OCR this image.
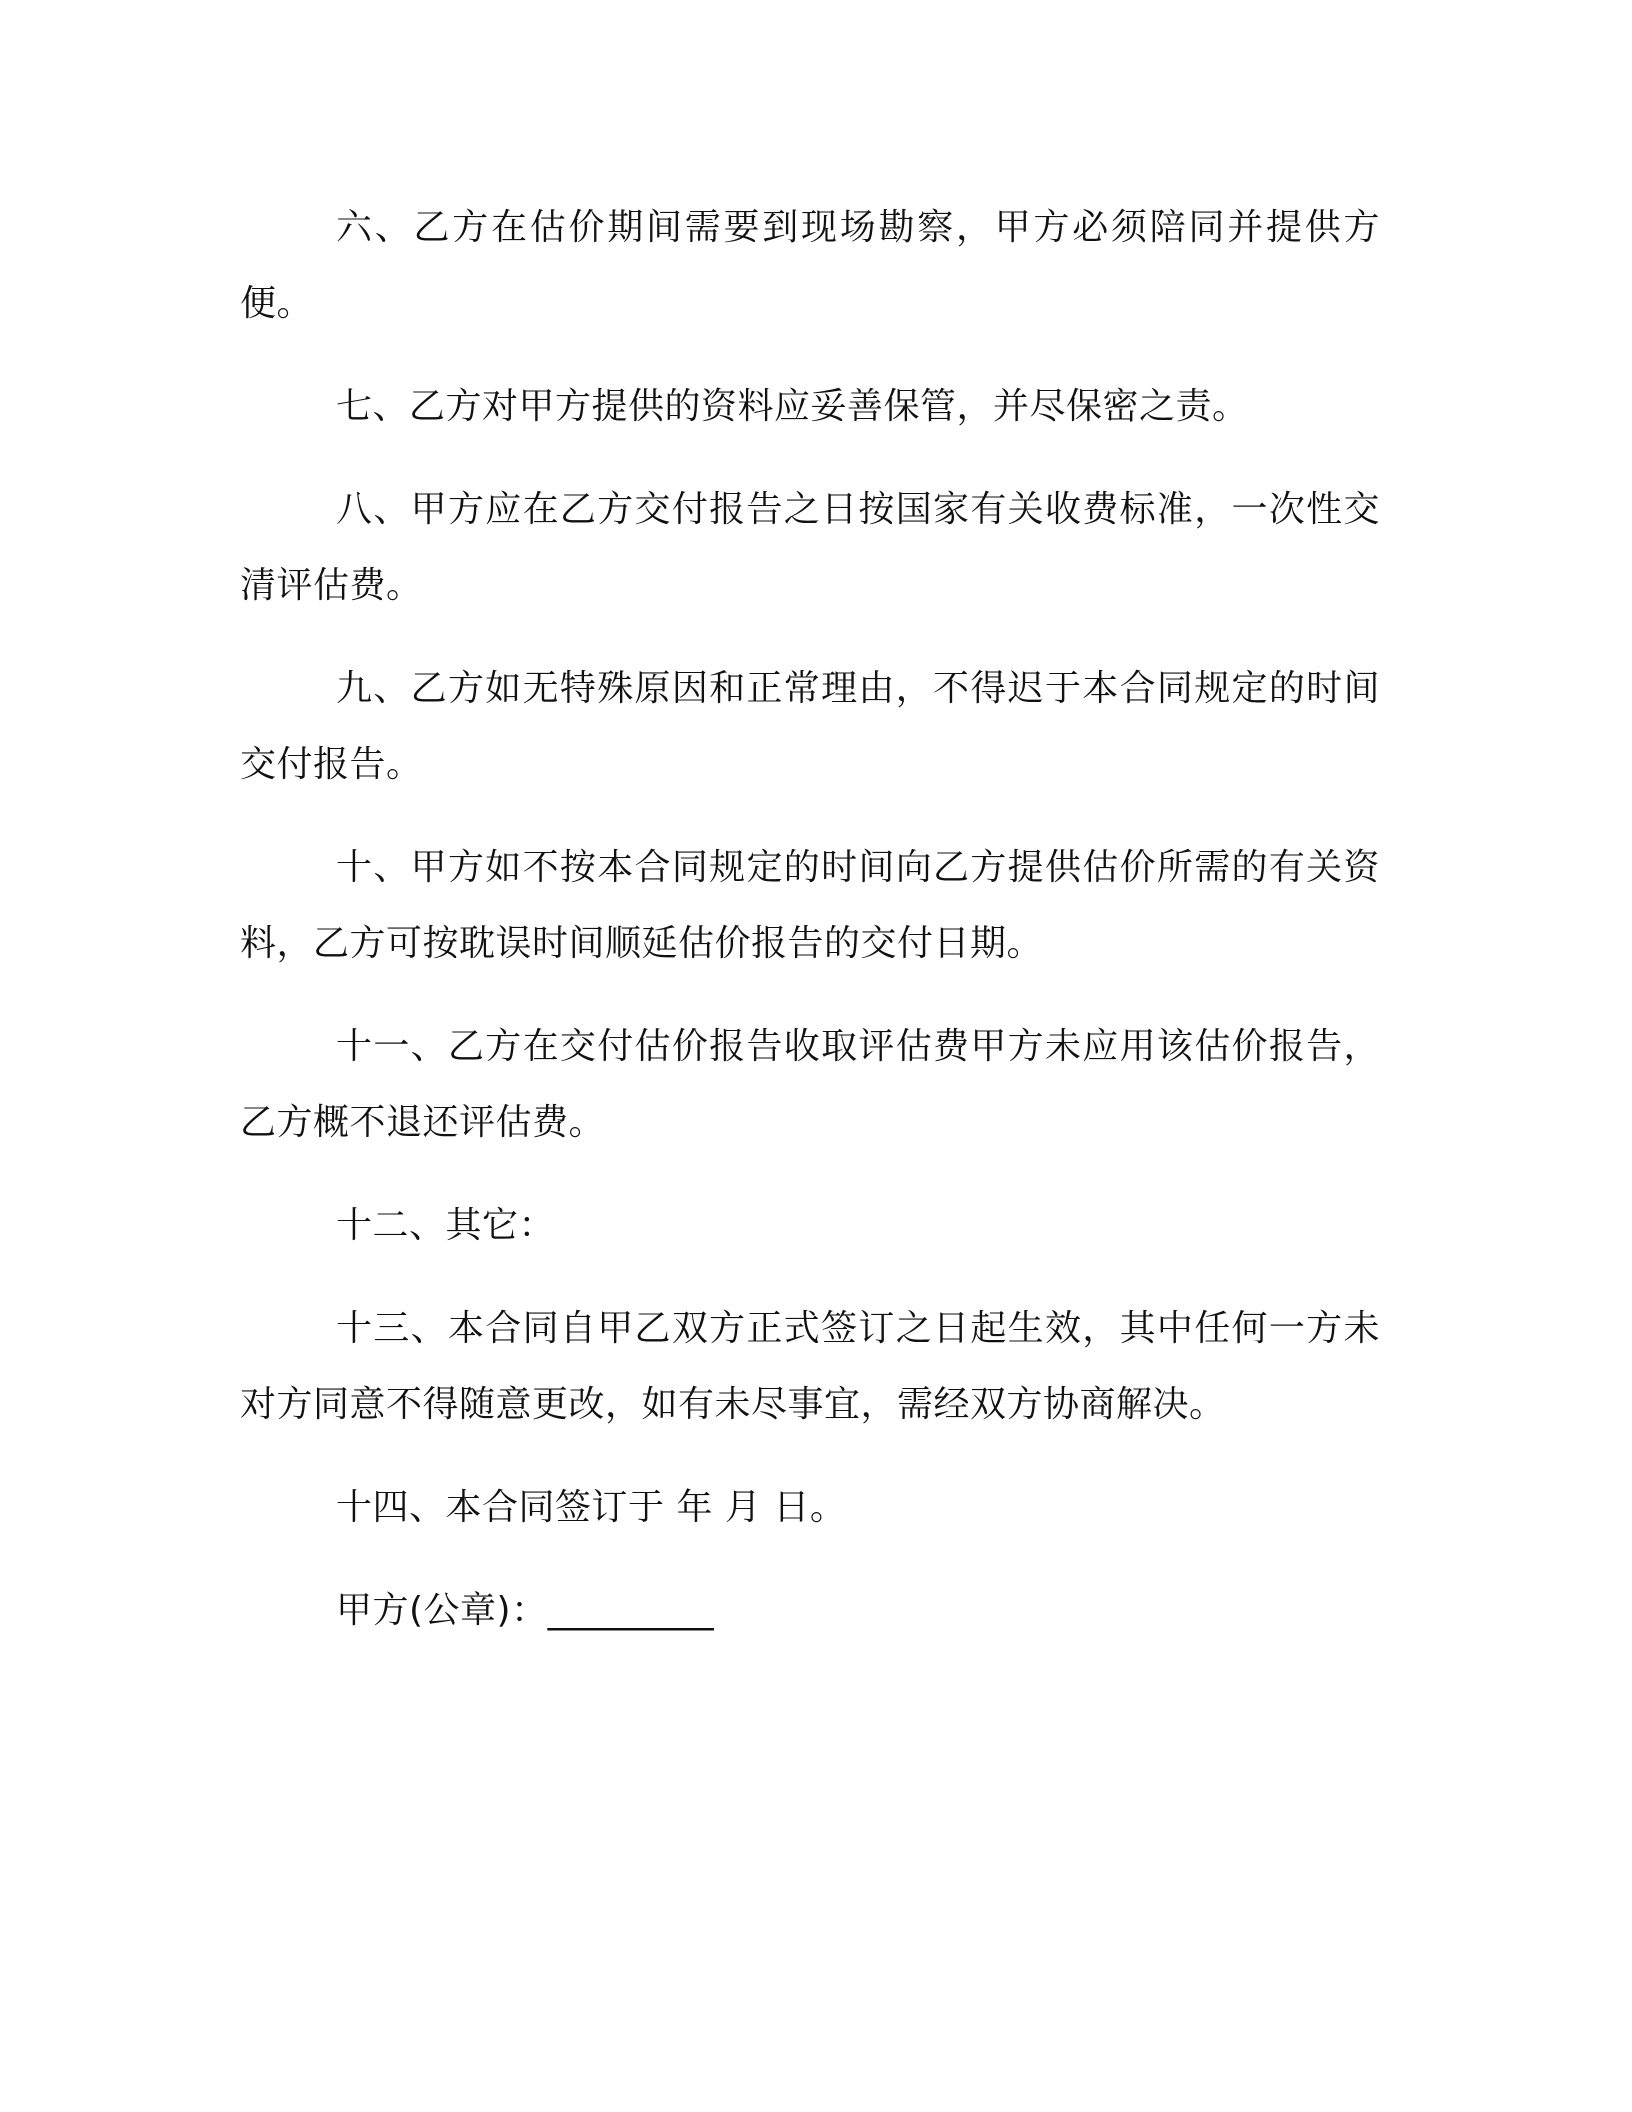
六、乙方在估价期间需要到现场勘察，甲方必须陪同并提供方便。

七、乙方对甲方提供的资料应妥善保管，并尽保密之责。

八、甲方应在乙方交付报告之日按国家有关收费标准，一次性交清评估费。

九、乙方如无特殊原因和正常理由，不得迟于本合同规定的时间交付报告。

十、甲方如不按本合同规定的时间向乙方提供估价所需的有关资料，乙方可按耽误时间顺延估价报告的交付日期。

十一、乙方在交付估价报告收取评估费甲方未应用该估价报告，乙方概不退还评估费。

十二、其它：

十三、本合同自甲乙双方正式签订之日起生效，其中任何一方未对方同意不得随意更改，如有未尽事宜，需经双方协商解决。

十四、本合同签订于 年 月 日。

甲方(公章)：_________
